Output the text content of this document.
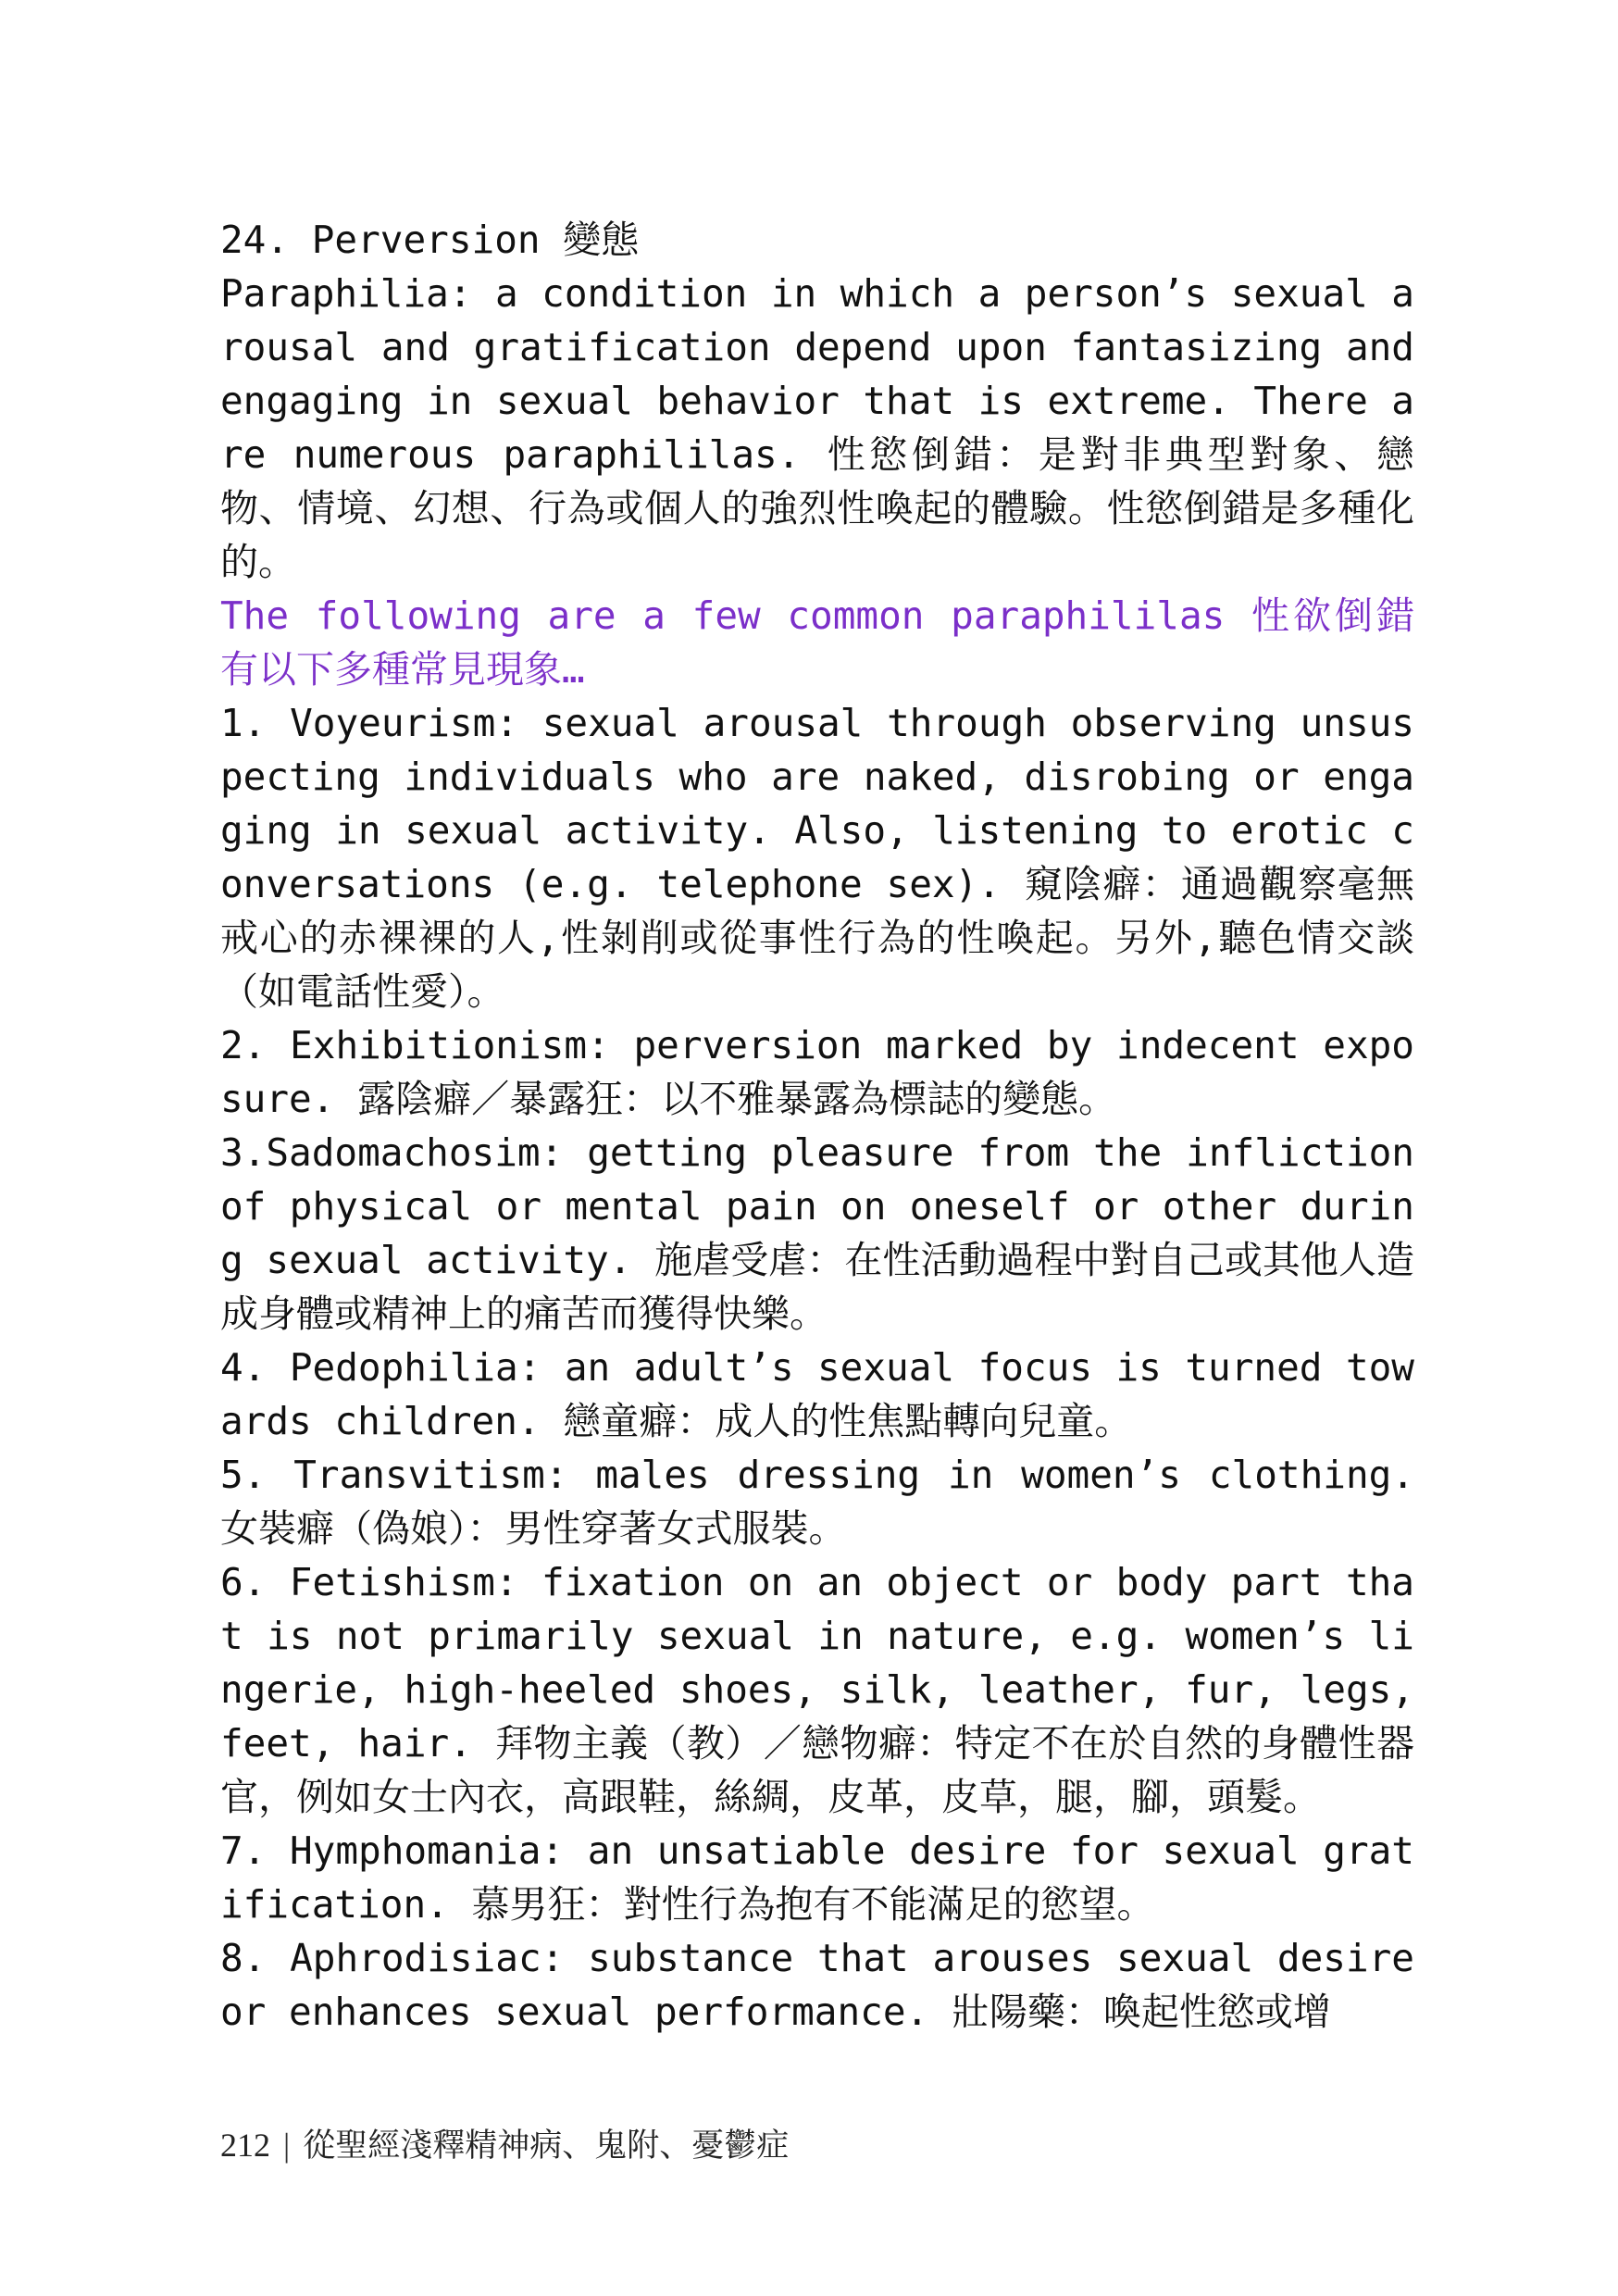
24. Perversion 變態

Paraphilia: a condition in which a person’s sexual arousal and gratification depend upon fantasizing and engaging in sexual behavior that is extreme. There are numerous paraphililas. 性慾倒錯：是對非典型對象、戀物、情境、幻想、行為或個人的強烈性喚起的體驗。性慾倒錯是多種化的。

The following are a few common paraphililas 性欲倒錯有以下多種常見現象…

1. Voyeurism: sexual arousal through observing unsuspecting individuals who are naked, disrobing or engaging in sexual activity. Also, listening to erotic conversations (e.g. telephone sex). 窺陰癖：通過觀察毫無戒心的赤裸裸的人,性剝削或從事性行為的性喚起。另外,聽色情交談（如電話性愛）。

2. Exhibitionism: perversion marked by indecent exposure. 露陰癖／暴露狂：以不雅暴露為標誌的變態。

3.Sadomachosim: getting pleasure from the infliction of physical or mental pain on oneself or other during sexual activity. 施虐受虐：在性活動過程中對自己或其他人造成身體或精神上的痛苦而獲得快樂。

4. Pedophilia: an adult’s sexual focus is turned towards children. 戀童癖：成人的性焦點轉向兒童。

5. Transvitism: males dressing in women’s clothing. 女裝癖（偽娘）：男性穿著女式服裝。

6. Fetishism: fixation on an object or body part that is not primarily sexual in nature, e.g. women’s lingerie, high-heeled shoes, silk, leather, fur, legs, feet, hair. 拜物主義（教）／戀物癖：特定不在於自然的身體性器官，例如女士內衣，高跟鞋，絲綢，皮革，皮草，腿，腳，頭髮。

7. Hymphomania: an unsatiable desire for sexual gratification. 慕男狂：對性行為抱有不能滿足的慾望。

8. Aphrodisiac: substance that arouses sexual desire or enhances sexual performance. 壯陽藥：喚起性慾或增

212 | 從聖經淺釋精神病、鬼附、憂鬱症
